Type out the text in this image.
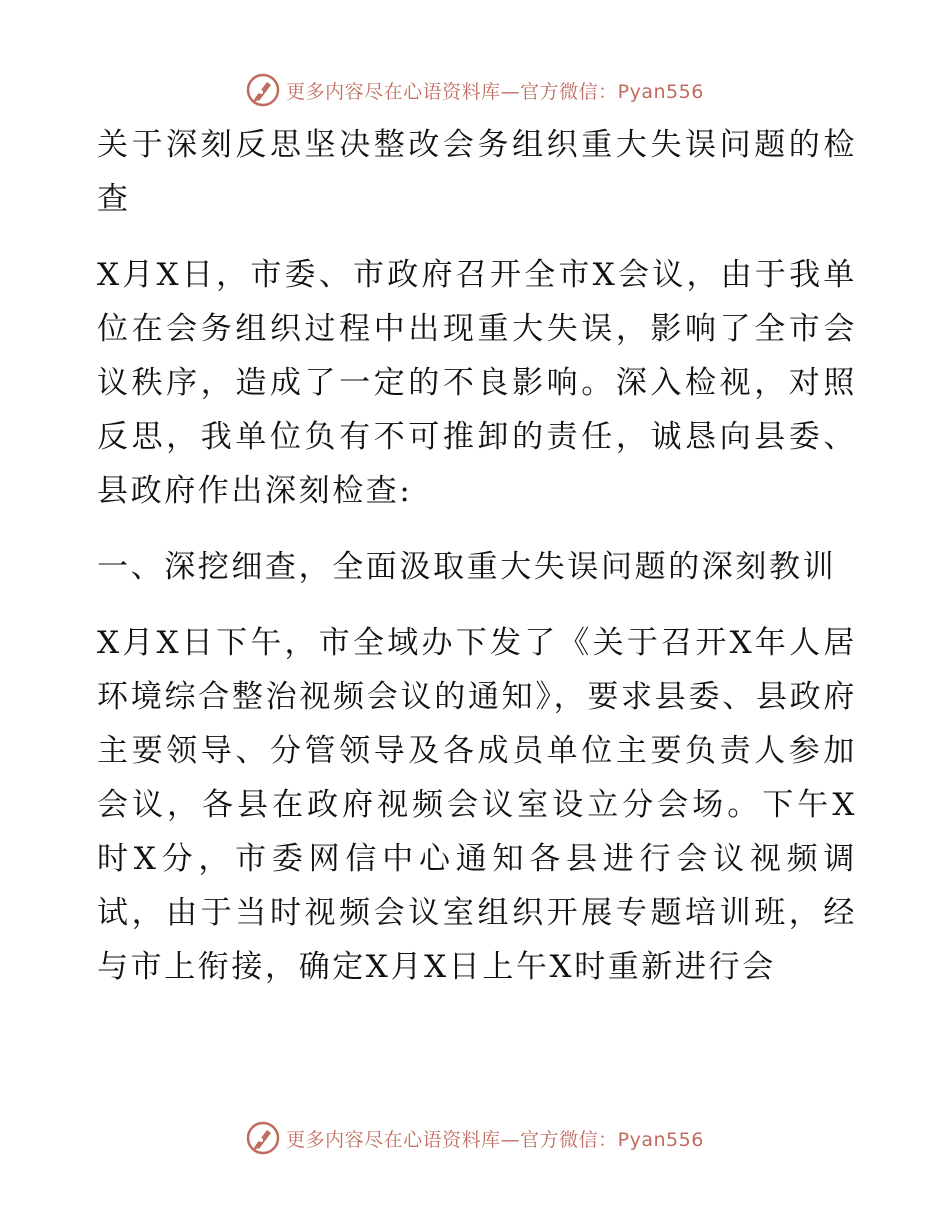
更多内容尽在心语资料库—官方微信：Pyan556

关于深刻反思坚决整改会务组织重大失误问题的检查

X月X日，市委、市政府召开全市X会议，由于我单位在会务组织过程中出现重大失误，影响了全市会议秩序，造成了一定的不良影响。深入检视，对照反思，我单位负有不可推卸的责任，诚恳向县委、县政府作出深刻检查:

一、深挖细查，全面汲取重大失误问题的深刻教训

X月X日下午，市全域办下发了《关于召开X年人居环境综合整治视频会议的通知》，要求县委、县政府主要领导、分管领导及各成员单位主要负责人参加会议，各县在政府视频会议室设立分会场。下午X时X分，市委网信中心通知各县进行会议视频调试，由于当时视频会议室组织开展专题培训班，经与市上衔接，确定X月X日上午X时重新进行会

更多内容尽在心语资料库—官方微信：Pyan556
